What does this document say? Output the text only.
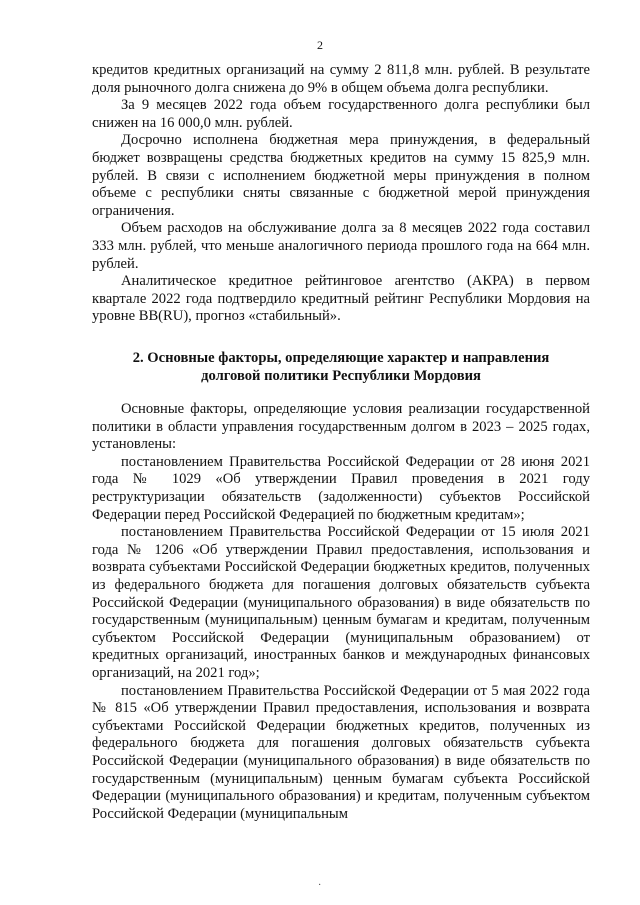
2

кредитов кредитных организаций на сумму 2 811,8 млн. рублей. В результате доля рыночного долга снижена до 9% в общем объема долга республики.

За 9 месяцев 2022 года объем государственного долга республики был снижен на 16 000,0 млн. рублей.

Досрочно исполнена бюджетная мера принуждения, в федеральный бюджет возвращены средства бюджетных кредитов на сумму 15 825,9 млн. рублей. В связи с исполнением бюджетной меры принуждения в полном объеме с республики сняты связанные с бюджетной мерой принуждения ограничения.

Объем расходов на обслуживание долга за 8 месяцев 2022 года составил 333 млн. рублей, что меньше аналогичного периода прошлого года на 664 млн. рублей.

Аналитическое кредитное рейтинговое агентство (АКРА) в первом квартале 2022 года подтвердило кредитный рейтинг Республики Мордовия на уровне BB(RU), прогноз «стабильный».

2. Основные факторы, определяющие характер и направления
долговой политики Республики Мордовия

Основные факторы, определяющие условия реализации государственной политики в области управления государственным долгом в 2023 – 2025 годах, установлены:

постановлением Правительства Российской Федерации от 28 июня 2021 года № 1029 «Об утверждении Правил проведения в 2021 году реструктуризации обязательств (задолженности) субъектов Российской Федерации перед Российской Федерацией по бюджетным кредитам»;

постановлением Правительства Российской Федерации от 15 июля 2021 года № 1206 «Об утверждении Правил предоставления, использования и возврата субъектами Российской Федерации бюджетных кредитов, полученных из федерального бюджета для погашения долговых обязательств субъекта Российской Федерации (муниципального образования) в виде обязательств по государственным (муниципальным) ценным бумагам и кредитам, полученным субъектом Российской Федерации (муниципальным образованием) от кредитных организаций, иностранных банков и международных финансовых организаций, на 2021 год»;

постановлением Правительства Российской Федерации от 5 мая 2022 года № 815 «Об утверждении Правил предоставления, использования и возврата субъектами Российской Федерации бюджетных кредитов, полученных из федерального бюджета для погашения долговых обязательств субъекта Российской Федерации (муниципального образования) в виде обязательств по государственным (муниципальным) ценным бумагам субъекта Российской Федерации (муниципального образования) и кредитам, полученным субъектом Российской Федерации (муниципальным

·
